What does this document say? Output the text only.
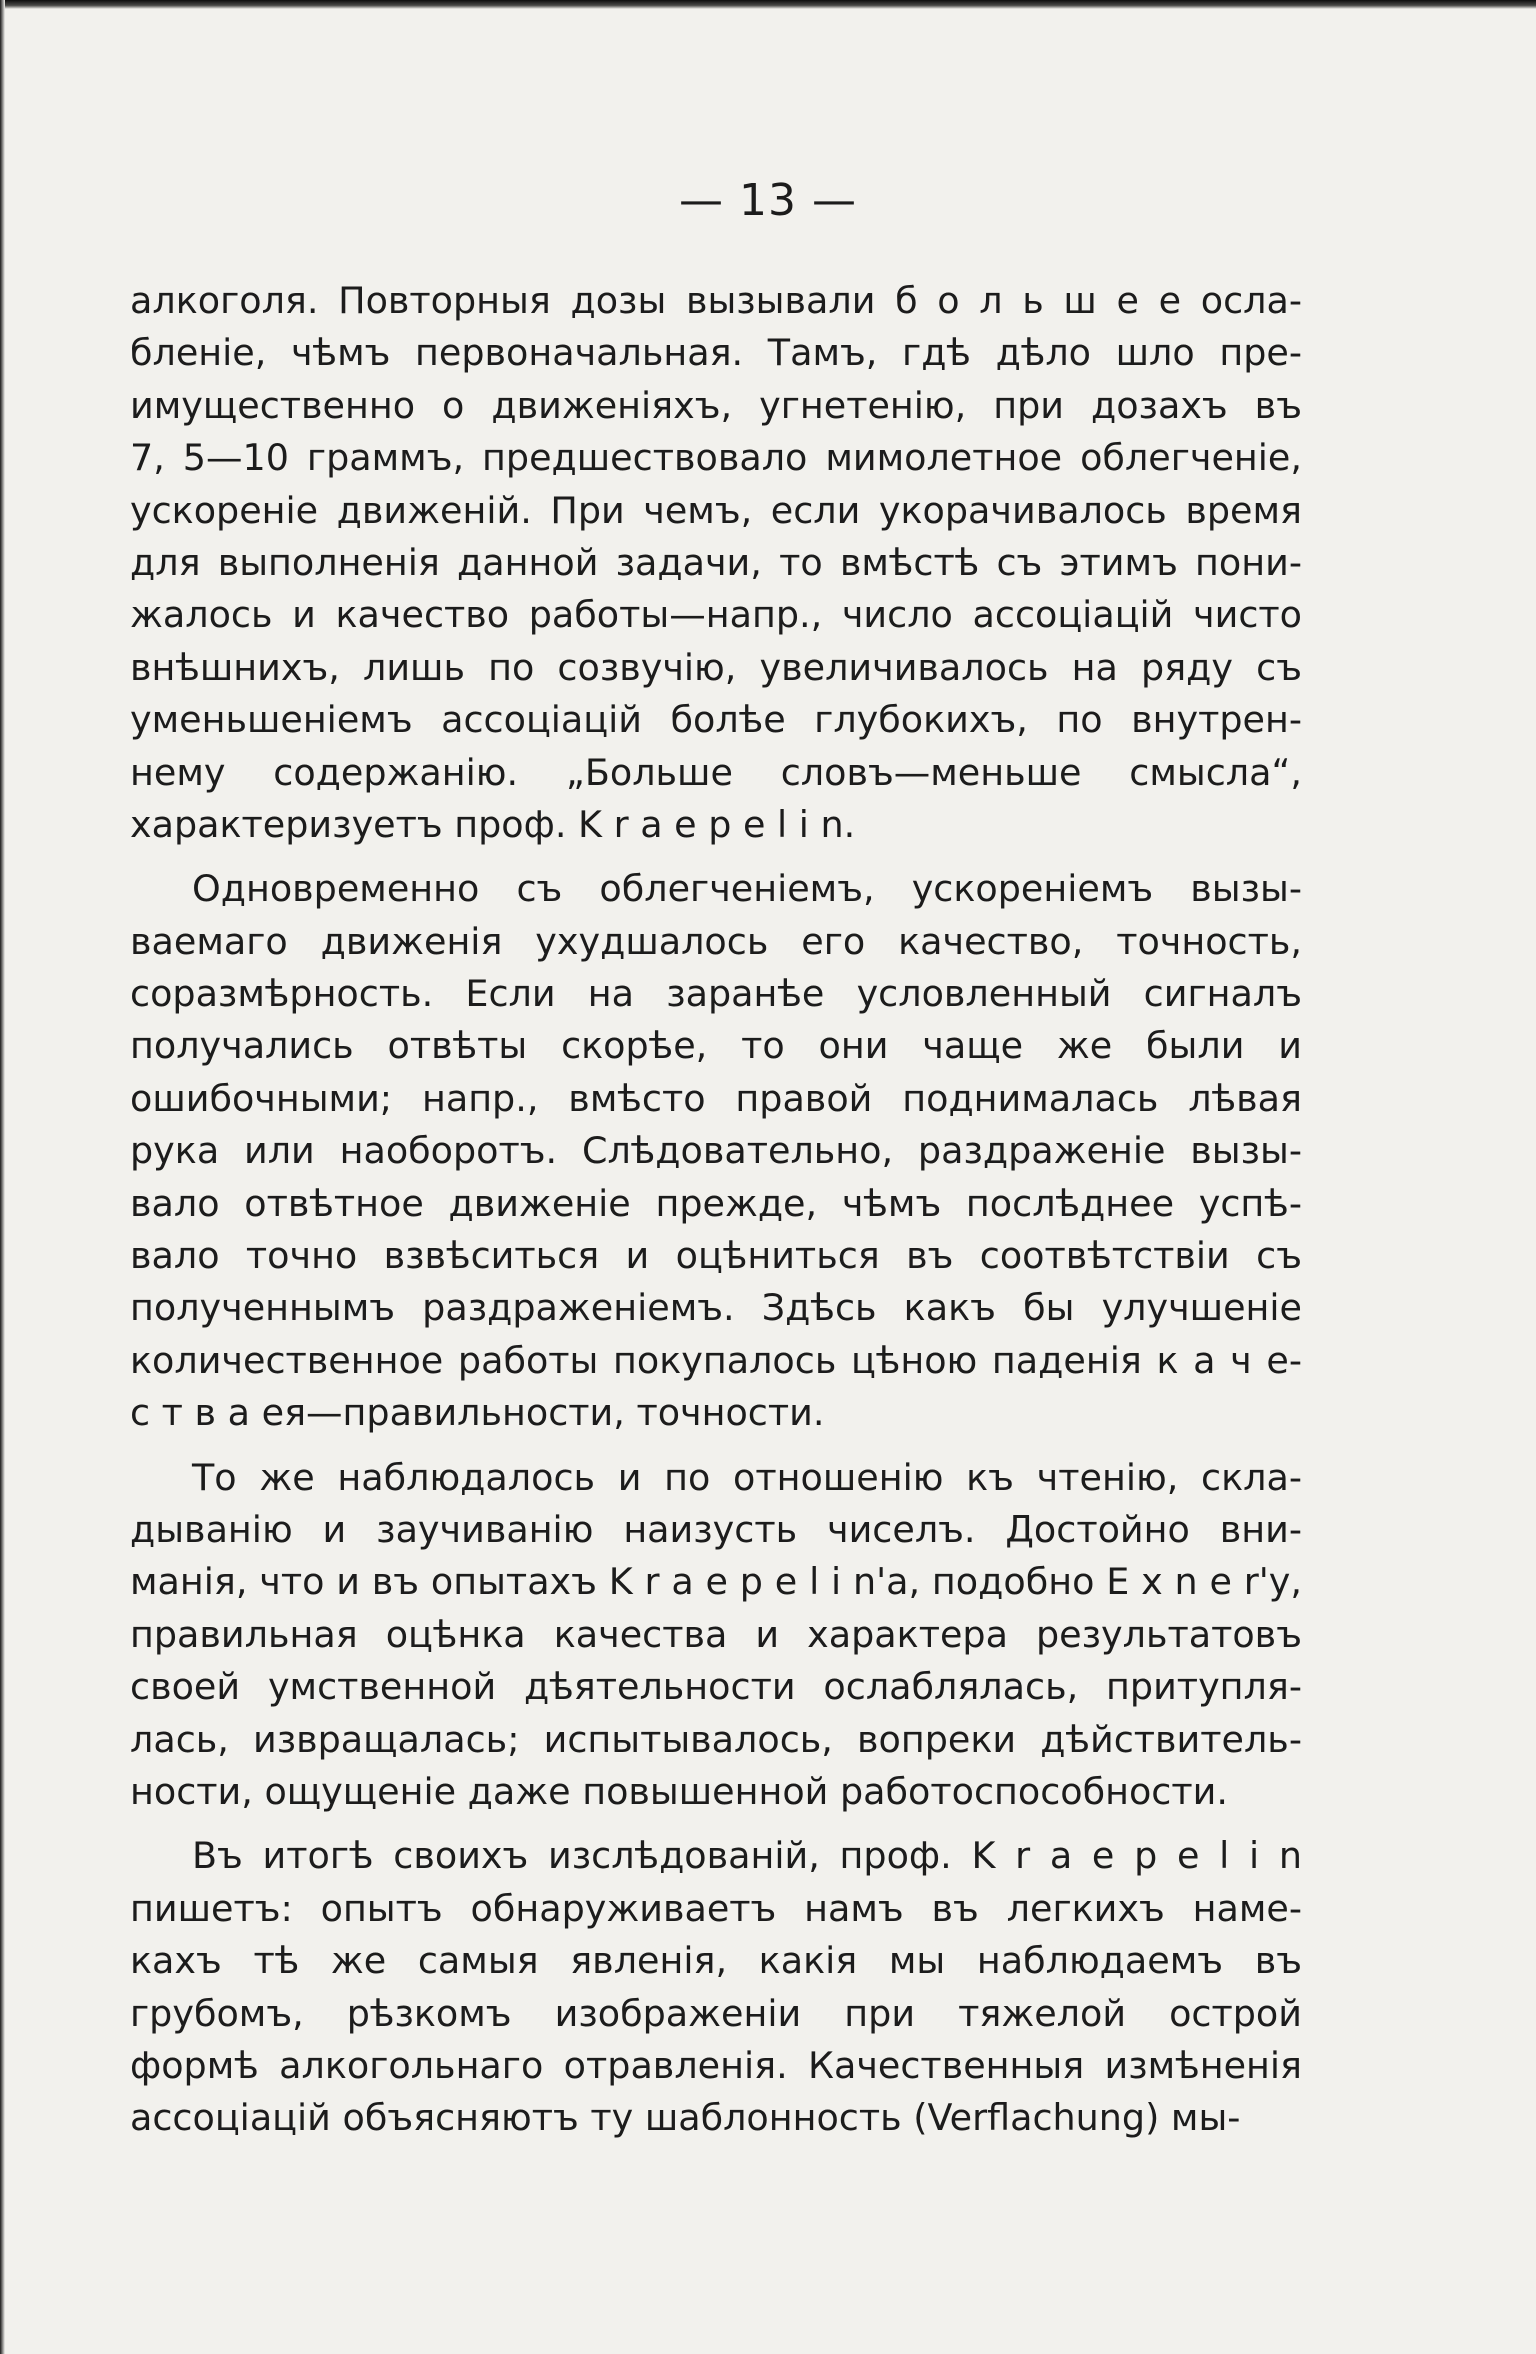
— 13 —
алкоголя. Повторныя дозы вызывали б о л ь ш е е осла-
бленіе, чѣмъ первоначальная. Тамъ, гдѣ дѣло шло пре-
имущественно о движеніяхъ, угнетенію, при дозахъ въ
7, 5—10 граммъ, предшествовало мимолетное облегченіе,
ускореніе движеній. При чемъ, если укорачивалось время
для выполненія данной задачи, то вмѣстѣ съ этимъ пони-
жалось и качество работы—напр., число ассоціацій чисто
внѣшнихъ, лишь по созвучію, увеличивалось на ряду съ
уменьшеніемъ ассоціацій болѣе глубокихъ, по внутрен-
нему содержанію. „Больше словъ—меньше смысла“,
характеризуетъ проф. K r a e p e l i n.
Одновременно съ облегченіемъ, ускореніемъ вызы-
ваемаго движенія ухудшалось его качество, точность,
соразмѣрность. Если на заранѣе условленный сигналъ
получались отвѣты скорѣе, то они чаще же были и
ошибочными; напр., вмѣсто правой поднималась лѣвая
рука или наоборотъ. Слѣдовательно, раздраженіе вызы-
вало отвѣтное движеніе прежде, чѣмъ послѣднее успѣ-
вало точно взвѣситься и оцѣниться въ соотвѣтствіи съ
полученнымъ раздраженіемъ. Здѣсь какъ бы улучшеніе
количественное работы покупалось цѣною паденія к а ч е-
с т в а ея—правильности, точности.
То же наблюдалось и по отношенію къ чтенію, скла-
дыванію и заучиванію наизусть чиселъ. Достойно вни-
манія, что и въ опытахъ K r a e p e l i n'а, подобно E x n e r'у,
правильная оцѣнка качества и характера результатовъ
своей умственной дѣятельности ослаблялась, притупля-
лась, извращалась; испытывалось, вопреки дѣйствитель-
ности, ощущеніе даже повышенной работоспособности.
Въ итогѣ своихъ изслѣдованій, проф. K r a e p e l i n
пишетъ: опытъ обнаруживаетъ намъ въ легкихъ наме-
кахъ тѣ же самыя явленія, какія мы наблюдаемъ въ
грубомъ, рѣзкомъ изображеніи при тяжелой острой
формѣ алкогольнаго отравленія. Качественныя измѣненія
ассоціацій объясняютъ ту шаблонность (Verflachung) мы-
